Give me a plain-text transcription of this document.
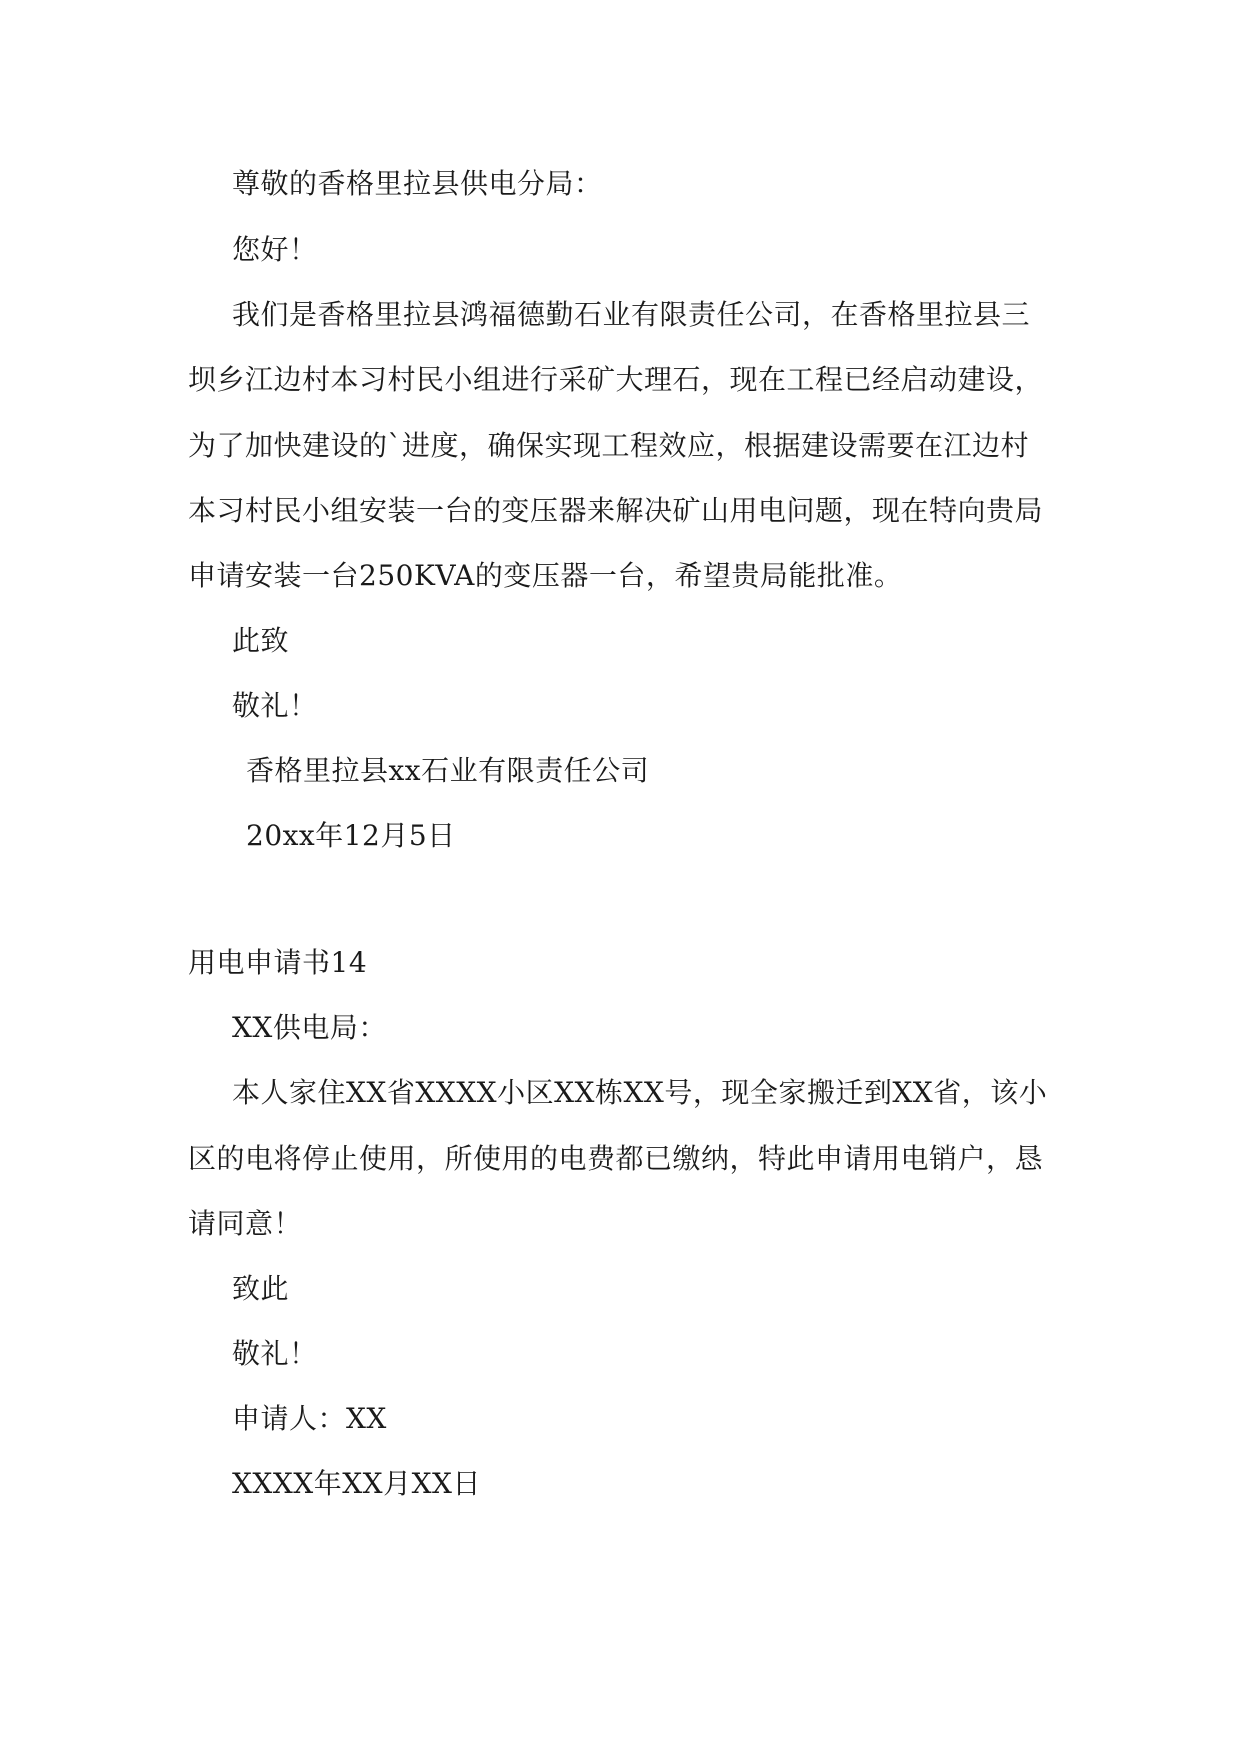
尊敬的香格里拉县供电分局：
您好！
我们是香格里拉县鸿福德勤石业有限责任公司，在香格里拉县三
坝乡江边村本习村民小组进行采矿大理石，现在工程已经启动建设，
为了加快建设的`进度，确保实现工程效应，根据建设需要在江边村
本习村民小组安装一台的变压器来解决矿山用电问题，现在特向贵局
申请安装一台250KVA的变压器一台，希望贵局能批准。
此致
敬礼！
香格里拉县xx石业有限责任公司
20xx年12月5日
用电申请书14
XX供电局：
本人家住XX省XXXX小区XX栋XX号，现全家搬迁到XX省，该小
区的电将停止使用，所使用的电费都已缴纳，特此申请用电销户，恳
请同意！
致此
敬礼！
申请人：XX
XXXX年XX月XX日
